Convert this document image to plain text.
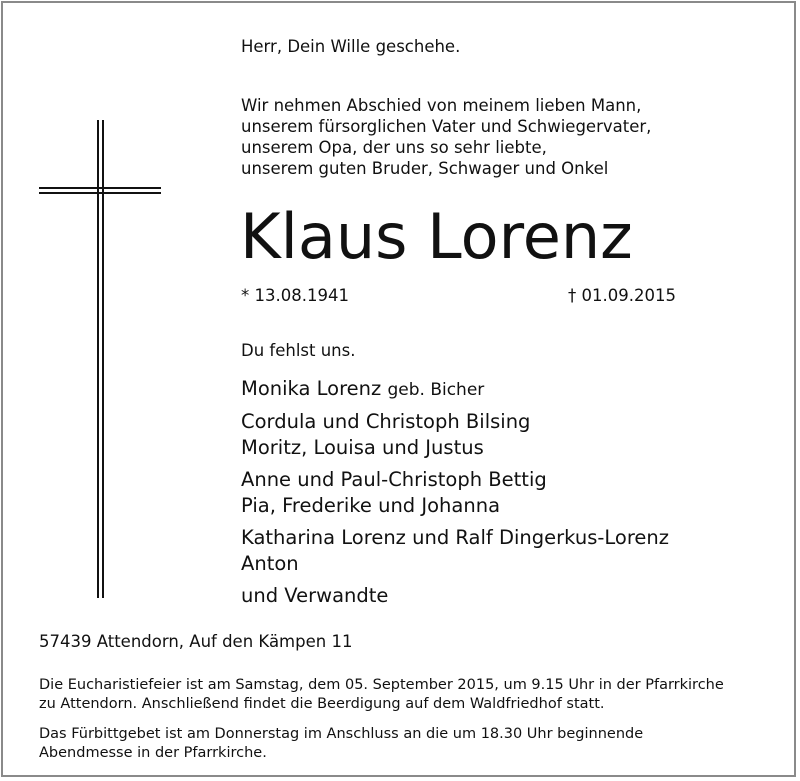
Herr, Dein Wille geschehe.
Wir nehmen Abschied von meinem lieben Mann,
unserem fürsorglichen Vater und Schwiegervater,
unserem Opa, der uns so sehr liebte,
unserem guten Bruder, Schwager und Onkel
Klaus Lorenz
* 13.08.1941	† 01.09.2015
Du fehlst uns.
Monika Lorenz geb. Bicher
Cordula und Christoph Bilsing
Moritz, Louisa und Justus
Anne und Paul-Christoph Bettig
Pia, Frederike und Johanna
Katharina Lorenz und Ralf Dingerkus-Lorenz
Anton
und Verwandte
57439 Attendorn, Auf den Kämpen 11
Die Eucharistiefeier ist am Samstag, dem 05. September 2015, um 9.15 Uhr in der Pfarrkirche
zu Attendorn. Anschließend findet die Beerdigung auf dem Waldfriedhof statt.
Das Fürbittgebet ist am Donnerstag im Anschluss an die um 18.30 Uhr beginnende
Abendmesse in der Pfarrkirche.
